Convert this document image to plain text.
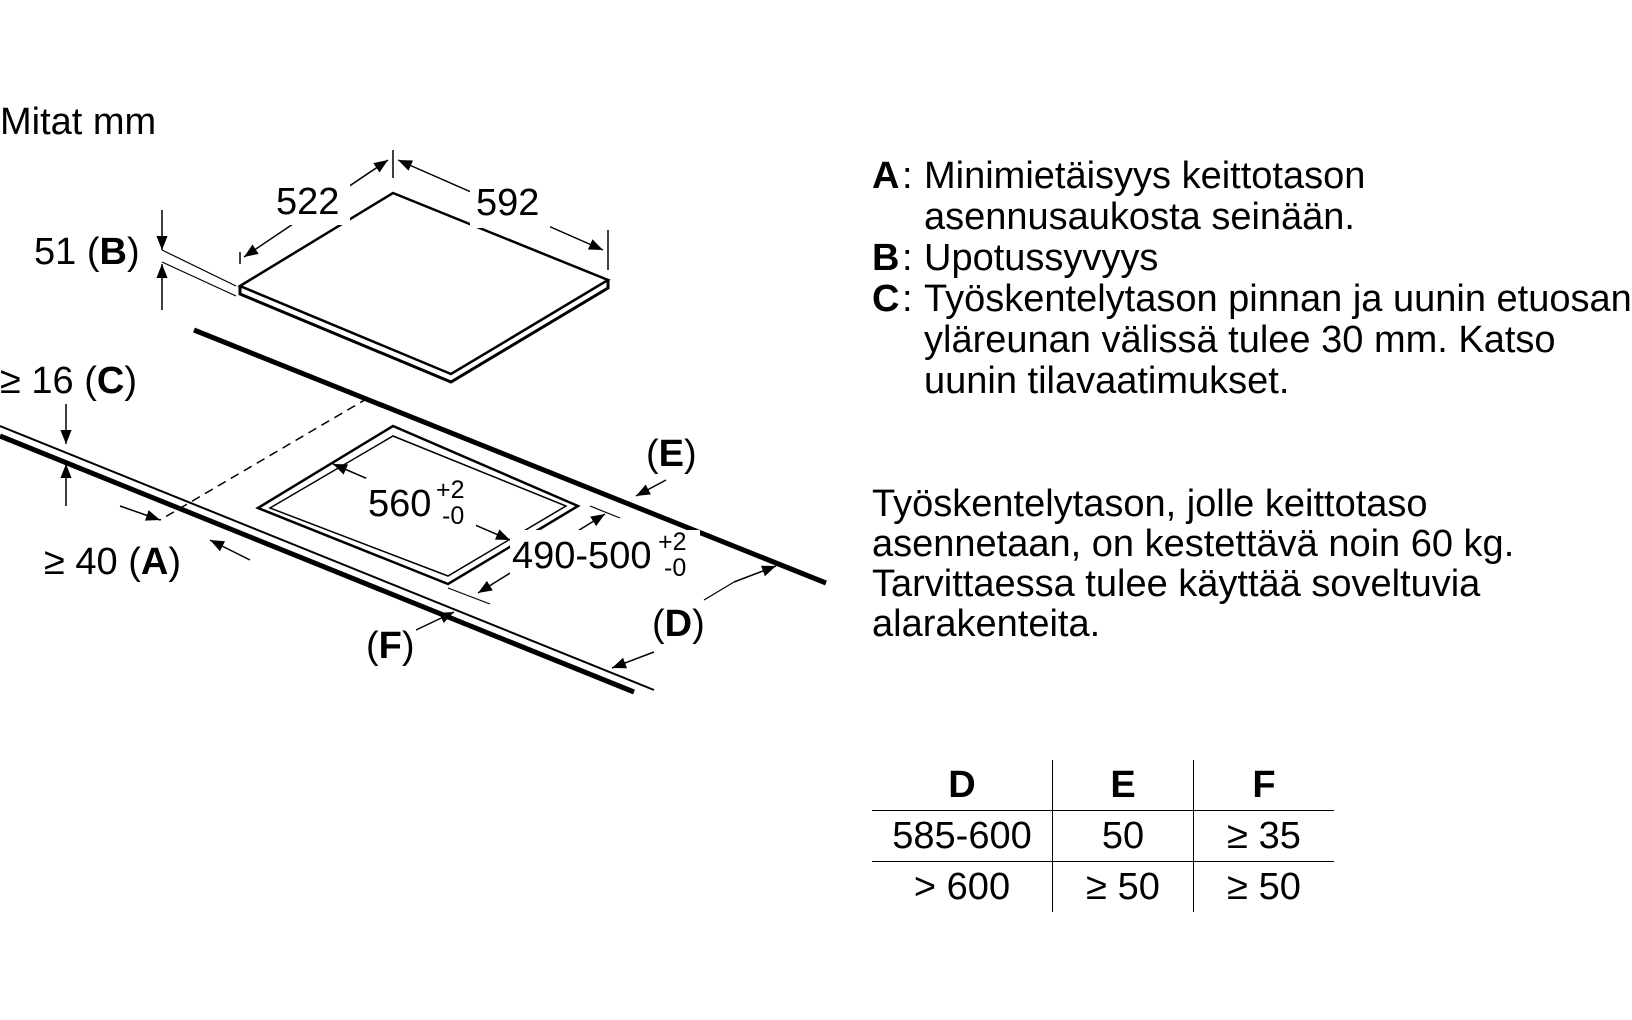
Mitat mm
522	592
51 (B)
560 +2
-0
490-500 +2
-0
(E)
(D)
(F)
≥ 16 (C)
≥ 40 (A)
A : Minimietäisyys keittotason asennusaukosta seinään.
B : Upotussyvyys
C : Työskentelytason pinnan ja uunin etuosan yläreunan välissä tulee 30 mm. Katso uunin tilavaatimukset.
Työskentelytason, jolle keittotaso asennetaan, on kestettävä noin 60 kg. Tarvittaessa tulee käyttää soveltuvia alarakenteita.
D	E	F
585-600	50	≥ 35
> 600	≥ 50	≥ 50
